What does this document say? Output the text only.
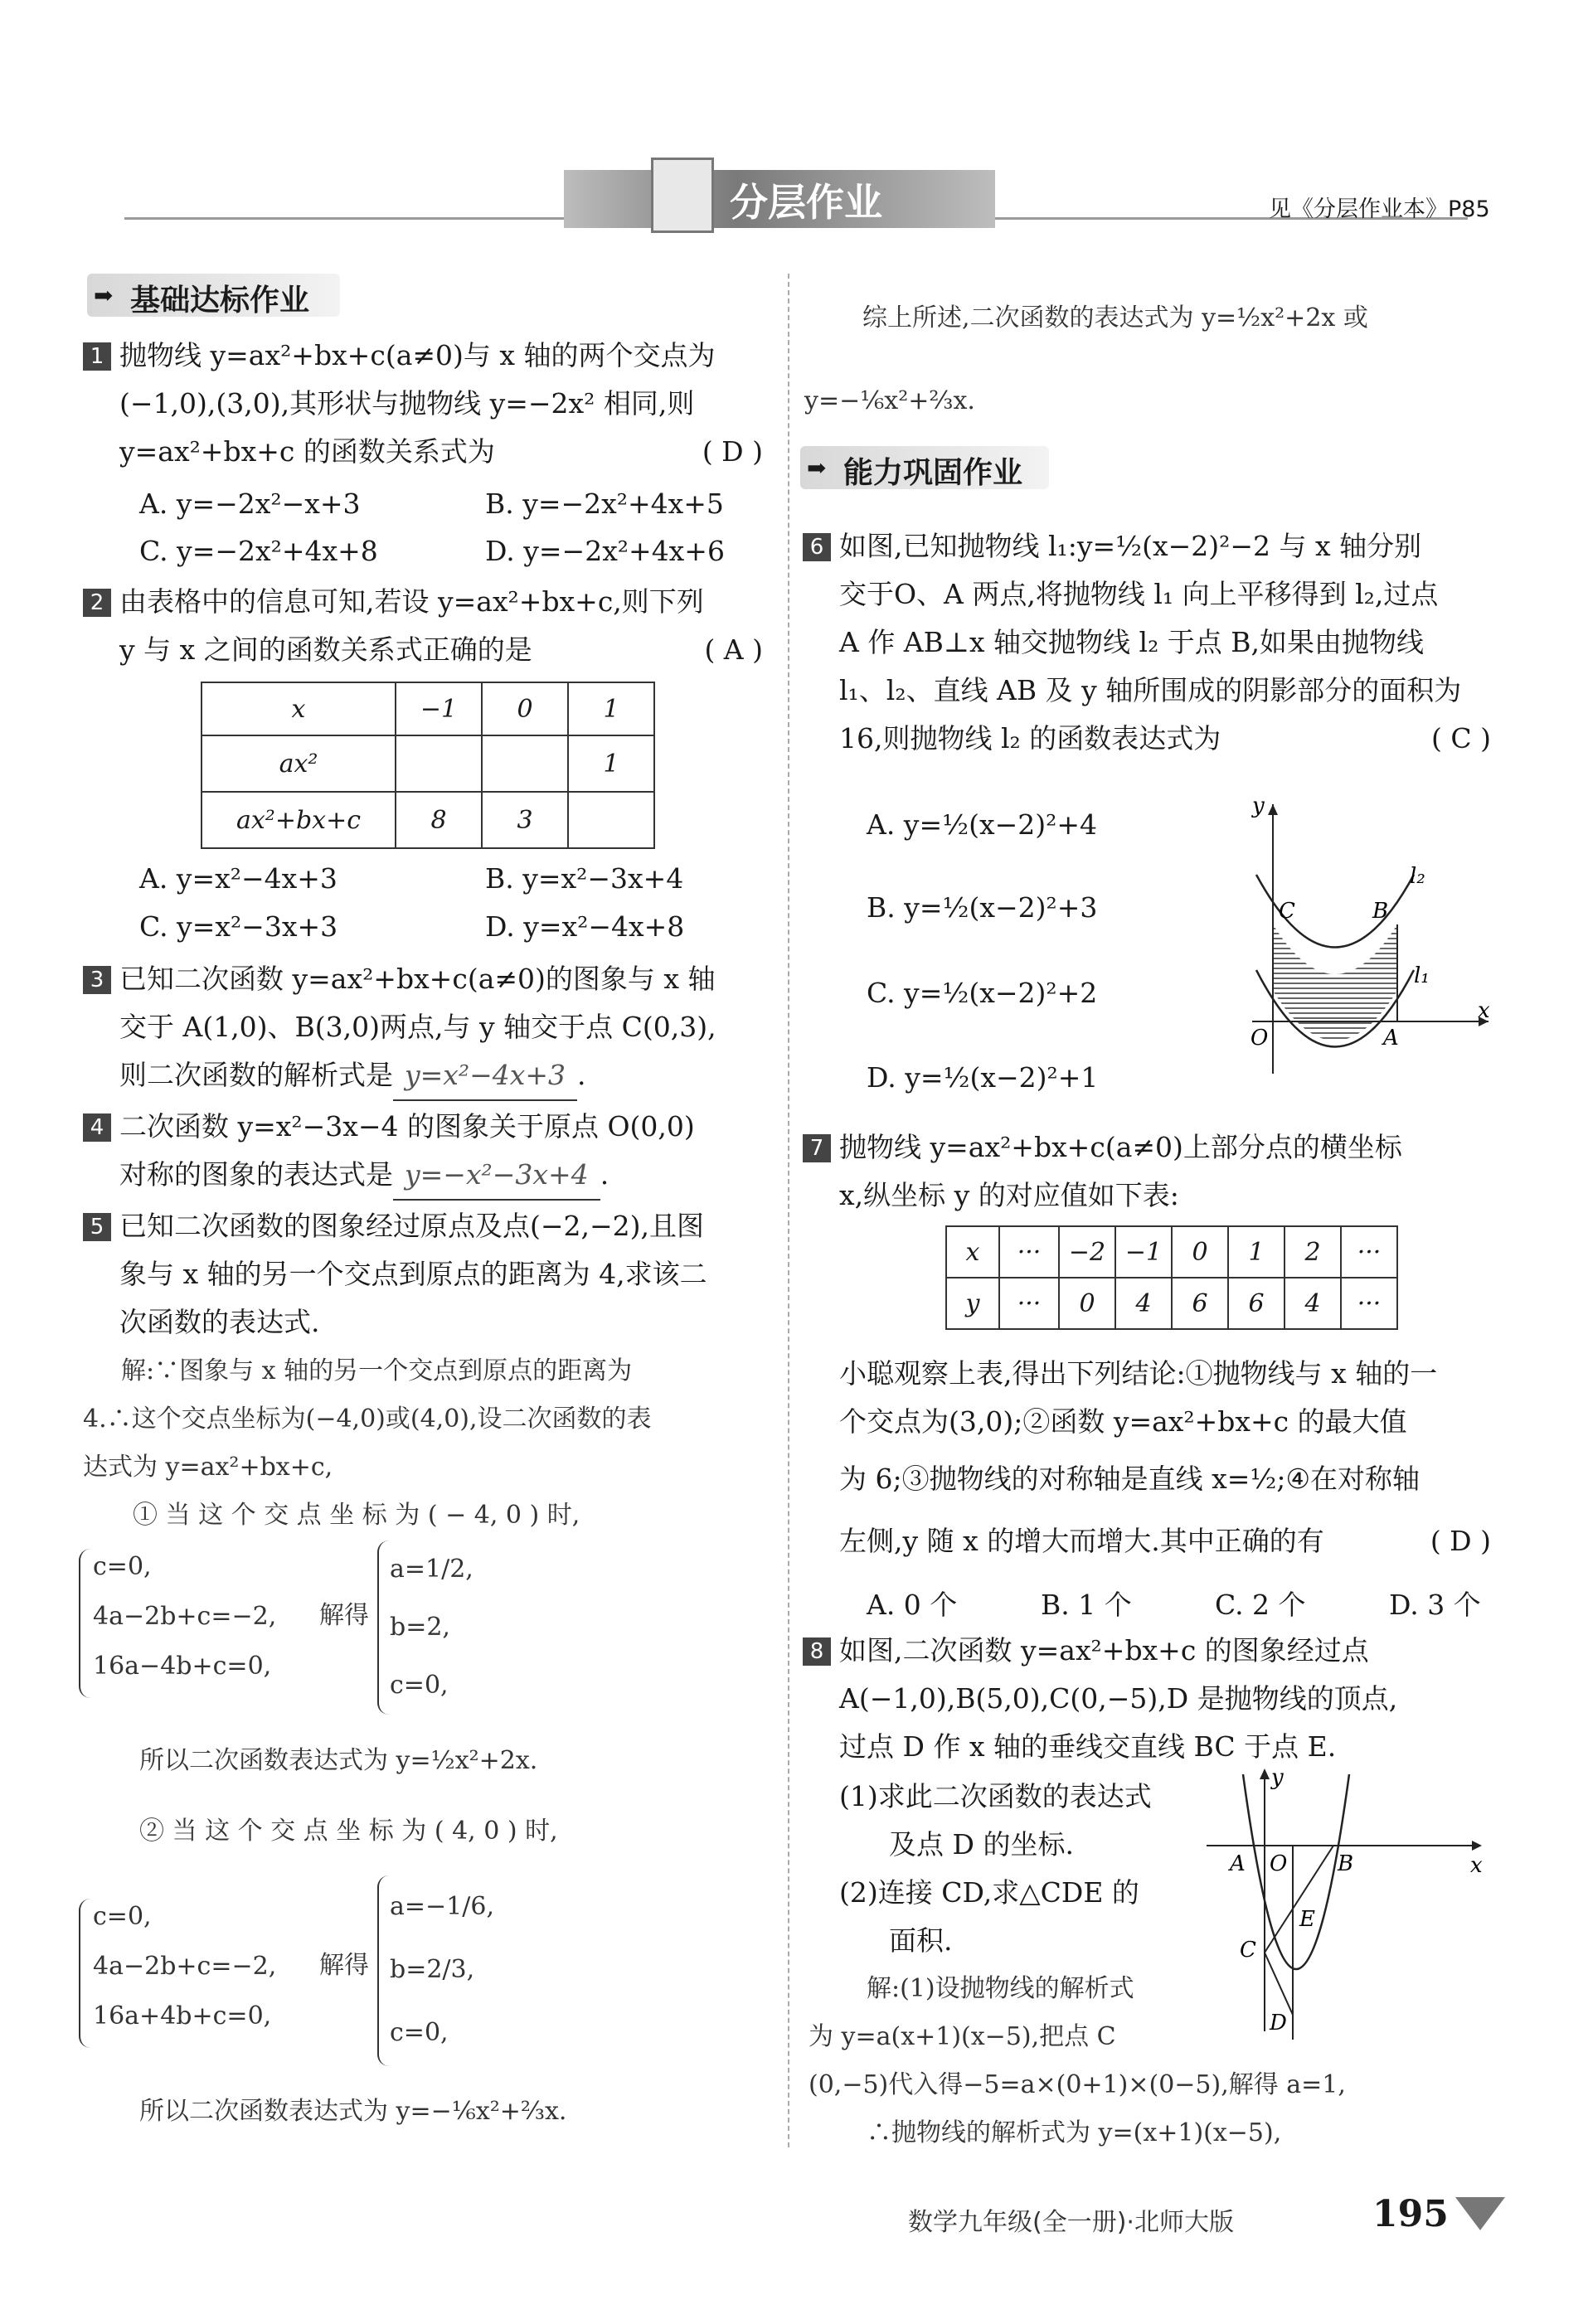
分层作业	见《分层作业本》P85
➡ 基础达标作业
1 抛物线 y=ax²+bx+c(a≠0)与 x 轴的两个交点为
(−1,0),(3,0),其形状与抛物线 y=−2x² 相同,则
y=ax²+bx+c 的函数关系式为	( D )
A. y=−2x²−x+3	B. y=−2x²+4x+5
C. y=−2x²+4x+8	D. y=−2x²+4x+6
2 由表格中的信息可知,若设 y=ax²+bx+c,则下列
y 与 x 之间的函数关系式正确的是	( A )
x	−1	0	1
ax²			1
ax²+bx+c	8	3	
A. y=x²−4x+3	B. y=x²−3x+4
C. y=x²−3x+3	D. y=x²−4x+8
3 已知二次函数 y=ax²+bx+c(a≠0)的图象与 x 轴
交于 A(1,0)、B(3,0)两点,与 y 轴交于点 C(0,3),
则二次函数的解析式是 y=x²−4x+3 .
4 二次函数 y=x²−3x−4 的图象关于原点 O(0,0)
对称的图象的表达式是 y=−x²−3x+4 .
5 已知二次函数的图象经过原点及点(−2,−2),且图
象与 x 轴的另一个交点到原点的距离为 4,求该二
次函数的表达式.
解:∵图象与 x 轴的另一个交点到原点的距离为
4.∴这个交点坐标为(−4,0)或(4,0),设二次函数的表
达式为 y=ax²+bx+c,
① 当 这 个 交 点 坐 标 为 ( − 4, 0 ) 时,
c=0,
4a−2b+c=−2,
16a−4b+c=0,
解得
a=1/2,
b=2,
c=0,
所以二次函数表达式为 y=½x²+2x.
② 当 这 个 交 点 坐 标 为 ( 4, 0 ) 时,
c=0,
4a−2b+c=−2,
16a+4b+c=0,
解得
a=−1/6,
b=2/3,
c=0,
所以二次函数表达式为 y=−⅙x²+⅔x.
综上所述,二次函数的表达式为 y=½x²+2x 或
y=−⅙x²+⅔x.
➡ 能力巩固作业
6 如图,已知抛物线 l₁:y=½(x−2)²−2 与 x 轴分别
交于O、A 两点,将抛物线 l₁ 向上平移得到 l₂,过点
A 作 AB⊥x 轴交抛物线 l₂ 于点 B,如果由抛物线
l₁、l₂、直线 AB 及 y 轴所围成的阴影部分的面积为
16,则抛物线 l₂ 的函数表达式为	( C )
A. y=½(x−2)²+4
B. y=½(x−2)²+3
C. y=½(x−2)²+2
D. y=½(x−2)²+1
y
x
O	A
B
C
l₁
l₂
7 抛物线 y=ax²+bx+c(a≠0)上部分点的横坐标
x,纵坐标 y 的对应值如下表:
x	···	−2	−1	0	1	2	···
y	···	0	4	6	6	4	···
小聪观察上表,得出下列结论:①抛物线与 x 轴的一
个交点为(3,0);②函数 y=ax²+bx+c 的最大值
为 6;③抛物线的对称轴是直线 x=½;④在对称轴
左侧,y 随 x 的增大而增大.其中正确的有	( D )
A. 0 个	B. 1 个	C. 2 个	D. 3 个
8 如图,二次函数 y=ax²+bx+c 的图象经过点
A(−1,0),B(5,0),C(0,−5),D 是抛物线的顶点,
过点 D 作 x 轴的垂线交直线 BC 于点 E.
(1)求此二次函数的表达式
及点 D 的坐标.
(2)连接 CD,求△CDE 的
面积.
解:(1)设抛物线的解析式
为 y=a(x+1)(x−5),把点 C
(0,−5)代入得−5=a×(0+1)×(0−5),解得 a=1,
∴抛物线的解析式为 y=(x+1)(x−5),
y
x
A O B
E
C
D
数学九年级(全一册)·北师大版	195
